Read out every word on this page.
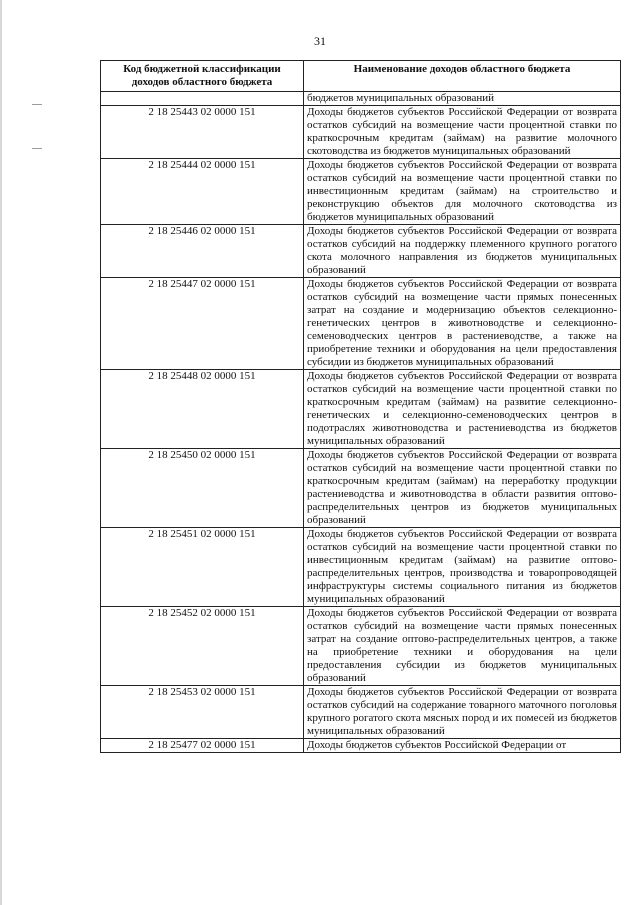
31
Код бюджетной классификации доходов областного бюджета	Наименование доходов областного бюджета
	бюджетов муниципальных образований
2 18 25443 02 0000 151	Доходы бюджетов субъектов Российской Федерации от возврата остатков субсидий на возмещение части процентной ставки по краткосрочным кредитам (займам) на развитие молочного скотоводства из бюджетов муниципальных образований
2 18 25444 02 0000 151	Доходы бюджетов субъектов Российской Федерации от возврата остатков субсидий на возмещение части процентной ставки по инвестиционным кредитам (займам) на строительство и реконструкцию объектов для молочного скотоводства из бюджетов муниципальных образований
2 18 25446 02 0000 151	Доходы бюджетов субъектов Российской Федерации от возврата остатков субсидий на поддержку племенного крупного рогатого скота молочного направления из бюджетов муниципальных образований
2 18 25447 02 0000 151	Доходы бюджетов субъектов Российской Федерации от возврата остатков субсидий на возмещение части прямых понесенных затрат на создание и модернизацию объектов селекционно-генетических центров в животноводстве и селекционно-семеноводческих центров в растениеводстве, а также на приобретение техники и оборудования на цели предоставления субсидии из бюджетов муниципальных образований
2 18 25448 02 0000 151	Доходы бюджетов субъектов Российской Федерации от возврата остатков субсидий на возмещение части процентной ставки по краткосрочным кредитам (займам) на развитие селекционно-генетических и селекционно-семеноводческих центров в подотраслях животноводства и растениеводства из бюджетов муниципальных образований
2 18 25450 02 0000 151	Доходы бюджетов субъектов Российской Федерации от возврата остатков субсидий на возмещение части процентной ставки по краткосрочным кредитам (займам) на переработку продукции растениеводства и животноводства в области развития оптово-распределительных центров из бюджетов муниципальных образований
2 18 25451 02 0000 151	Доходы бюджетов субъектов Российской Федерации от возврата остатков субсидий на возмещение части процентной ставки по инвестиционным кредитам (займам) на развитие оптово-распределительных центров, производства и товаропроводящей инфраструктуры системы социального питания из бюджетов муниципальных образований
2 18 25452 02 0000 151	Доходы бюджетов субъектов Российской Федерации от возврата остатков субсидий на возмещение части прямых понесенных затрат на создание оптово-распределительных центров, а также на приобретение техники и оборудования на цели предоставления субсидии из бюджетов муниципальных образований
2 18 25453 02 0000 151	Доходы бюджетов субъектов Российской Федерации от возврата остатков субсидий на содержание товарного маточного поголовья крупного рогатого скота мясных пород и их помесей из бюджетов муниципальных образований
2 18 25477 02 0000 151	Доходы бюджетов субъектов Российской Федерации от
